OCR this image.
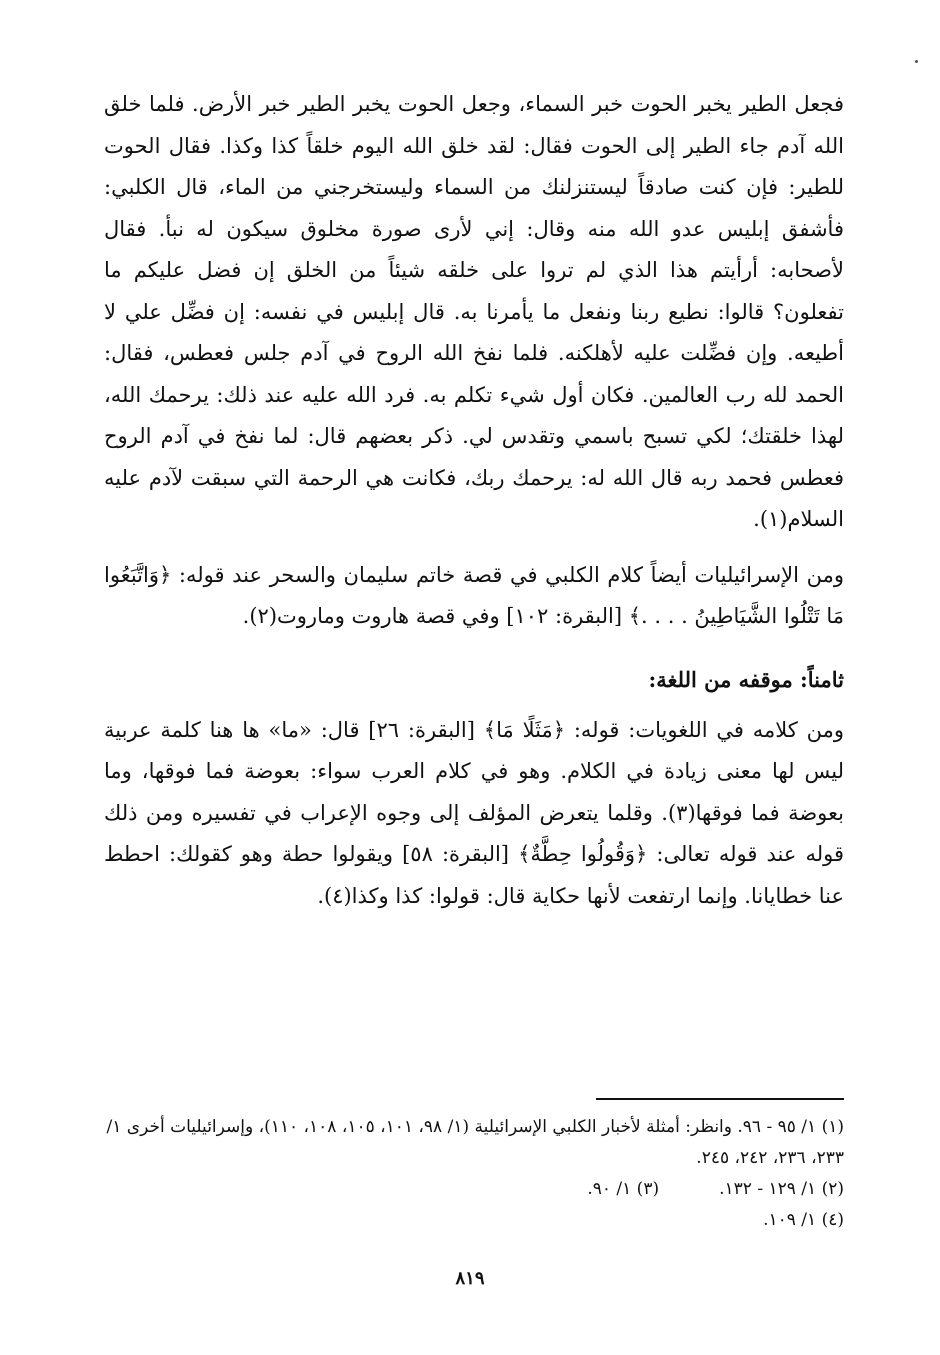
فجعل الطير يخبر الحوت خبر السماء، وجعل الحوت يخبر الطير خبر الأرض. فلما خلق الله آدم جاء الطير إلى الحوت فقال: لقد خلق الله اليوم خلقاً كذا وكذا. فقال الحوت للطير: فإن كنت صادقاً ليستنزلنك من السماء وليستخرجني من الماء، قال الكلبي: فأشفق إبليس عدو الله منه وقال: إني لأرى صورة مخلوق سيكون له نبأ. فقال لأصحابه: أرأيتم هذا الذي لم تروا على خلقه شيئاً من الخلق إن فضل عليكم ما تفعلون؟ قالوا: نطيع ربنا ونفعل ما يأمرنا به. قال إبليس في نفسه: إن فضِّل علي لا أطيعه. وإن فضِّلت عليه لأهلكنه. فلما نفخ الله الروح في آدم جلس فعطس، فقال: الحمد لله رب العالمين. فكان أول شيء تكلم به. فرد الله عليه عند ذلك: يرحمك الله، لهذا خلقتك؛ لكي تسبح باسمي وتقدس لي. ذكر بعضهم قال: لما نفخ في آدم الروح فعطس فحمد ربه قال الله له: يرحمك ربك، فكانت هي الرحمة التي سبقت لآدم عليه السلام(١).

ومن الإسرائيليات أيضاً كلام الكلبي في قصة خاتم سليمان والسحر عند قوله: ﴿وَاتَّبَعُوا مَا تَتْلُوا الشَّيَاطِينُ . . . .﴾ [البقرة: ١٠٢] وفي قصة هاروت وماروت(٢).

ثامناً: موقفه من اللغة:

ومن كلامه في اللغويات: قوله: ﴿مَثَلًا مَا﴾ [البقرة: ٢٦] قال: «ما» ها هنا كلمة عربية ليس لها معنى زيادة في الكلام. وهو في كلام العرب سواء: بعوضة فما فوقها، وما بعوضة فما فوقها(٣). وقلما يتعرض المؤلف إلى وجوه الإعراب في تفسيره ومن ذلك قوله عند قوله تعالى: ﴿وَقُولُوا حِطَّةٌ﴾ [البقرة: ٥٨] ويقولوا حطة وهو كقولك: احطط عنا خطايانا. وإنما ارتفعت لأنها حكاية قال: قولوا: كذا وكذا(٤).

(١) ١/ ٩٥ - ٩٦. وانظر: أمثلة لأخبار الكلبي الإسرائيلية (١/ ٩٨، ١٠١، ١٠٥، ١٠٨، ١١٠)، وإسرائيليات أخرى ١/ ٢٣٣، ٢٣٦، ٢٤٢، ٢٤٥.

(٢) ١/ ١٢٩ - ١٣٢.

(٣) ١/ ٩٠.

(٤) ١/ ١٠٩.

٨١٩
